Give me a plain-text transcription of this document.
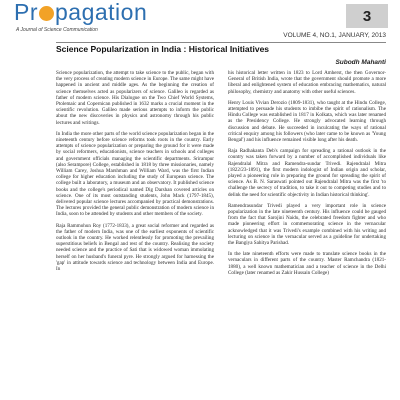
Pr pagation
A Journal of Science Communication
3
VOLUME 4, NO.1, JANUARY, 2013
Science Popularization in India : Historical Initiatives
Subodh Mahanti

Science popularization, the attempt to take science to the public, began with the very process of creating modern science in Europe. The same might have happened in ancient and middle ages. As the beginning the creation of science themselves acted as popularizers of science. Galileo is regarded as father of modern science. His Dialogue on the Two Chief World Systems, Ptolemaic and Copernican published in 1632 marks a crucial moment in the scientific revolution. Galileo made serious attempts to inform the public about the new discoveries in physics and astronomy through his public lectures and writings.

In India the more other parts of the world science popularization began in the nineteenth century before science reforms took roots in the country. Early attempts of science popularization or preparing the ground for it were made by social reformers, educationists, science teachers in schools and colleges and government officials managing the scientific departments. Srirampur (also Serampore) College, established in 1818 by three missionaries, namely William Carey, Joshua Marshman and William Ward, was the first Indian college for higher education including the study of European science. The college built a laboratory, a museum and an observatory. It published science books and the college's periodical named Dig Darshan covered articles on science. One of its most outstanding students, John Mack (1797-1845), delivered popular science lectures accompanied by practical demonstrations. The lectures provided the general public demonstration of modern science in India, soon to be attended by students and other members of the society.

Raja Rammohun Roy (1772-1833), a great social reformer and regarded as the father of modern India, was one of the earliest exponents of scientific outlook in the country. He worked relentlessly for promoting the prevailing superstitious beliefs in Bengal and rest of the country. Realising the society needed science and the practice of Sati that is widowed woman immolating herself on her husband's funeral pyre. He strongly argued for harnessing the 'gap' in attitude towards science and technology between India and Europe. In

his historical letter written in 1823 to Lord Amherst, the then Governor-General of British India, wrote that the government should promote a more liberal and enlightened system of education embracing mathematics, natural philosophy, chemistry and anatomy with other useful sciences.

Henry Louis Vivian Derozio (1809-1831), who taught at the Hindu College, attempted to persuade his students to imbibe the spirit of rationalism. The Hindu College was established in 1817 in Kolkata, which was later renamed as the Presidency College. He strongly advocated learning through discussion and debate. He succeeded in inculcating the ways of rational critical enquiry among his followers (who later came to be known as 'Young Bengal') and his influence remained visible long after his death.

Raja Radhakanta Deb's campaign for spreading a rational outlook in the country was taken forward by a number of accomplished individuals like Rajendralal Mitra and Ramendra-sundar Trivedi. Rajendralal Mitra (1822/23-1891), the first modern indologist of Indian origin and scholar, played a pioneering role in preparing the ground for spreading the spirit of science. As B. N. Saraswati pointed out Rajendralal Mitra was the first 'to challenge the secrecy of tradition, to take it out to competing studies and to delink the need for scientific objectivity in Indian historical thinking'.

Ramendrasundar Trivedi played a very important role in science popularization in the late nineteenth century. His influence could be gauged from the fact that Sarojini Naidu, the celebrated freedom fighter and who made pioneering effort in commemorating science in the vernacular acknowledged that it was Trivedi's example combined with his writing and lecturing on science in the vernacular served as a guideline for undertaking the Bangiya Sahitya Parishad.

In the late nineteenth efforts were made to translate science books in the vernaculars in different parts of the country. Master Ramchandra (1821-1880), a well known mathematician and a teacher of science in the Delhi College (later renamed as Zakir Hussain College)
